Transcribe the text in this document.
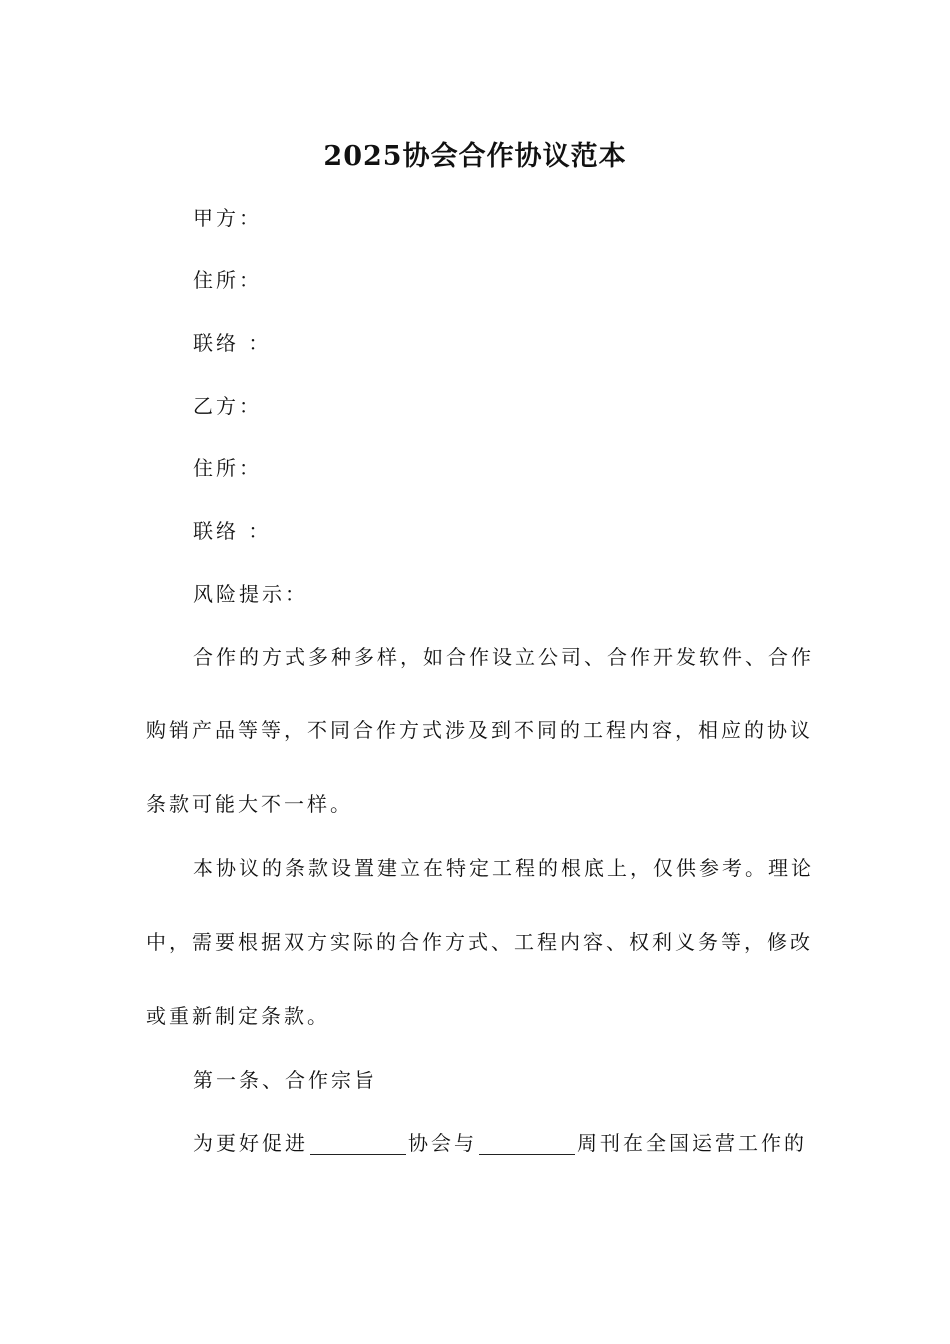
2025协会合作协议范本
甲方：
住所：
联络 ：
乙方：
住所：
联络 ：
风险提示：
合作的方式多种多样，如合作设立公司、合作开发软件、合作
购销产品等等，不同合作方式涉及到不同的工程内容，相应的协议
条款可能大不一样。
本协议的条款设置建立在特定工程的根底上，仅供参考。理论
中，需要根据双方实际的合作方式、工程内容、权利义务等，修改
或重新制定条款。
第一条、合作宗旨
为更好促进	协会与	周刊在全国运营工作的
